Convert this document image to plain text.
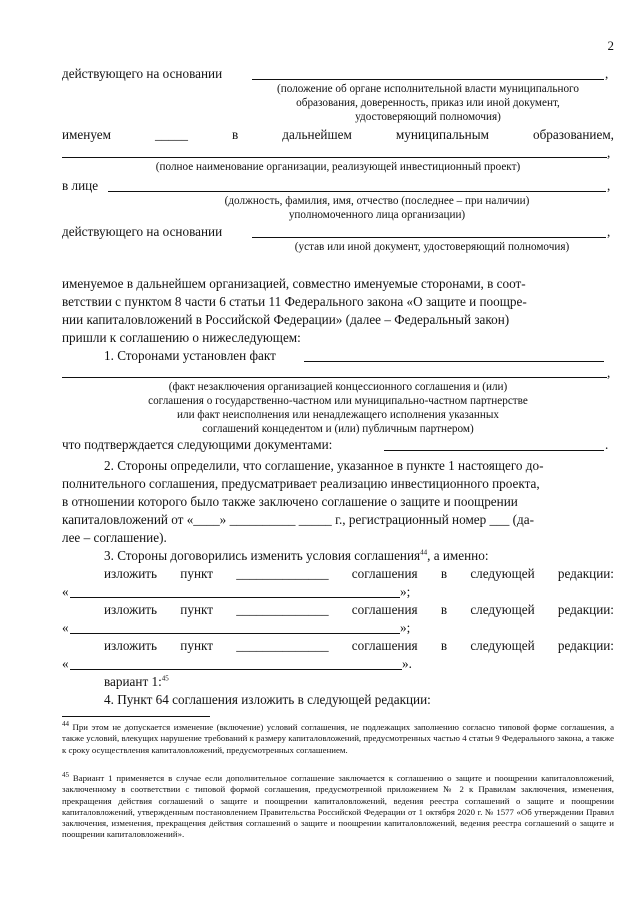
2
действующего на основании	,
(положение об органе исполнительной власти муниципального
образования, доверенность, приказ или иной документ,
удостоверяющий полномочия)
именуем	_____	в	дальнейшем	муниципальным	образованием,
,
(полное наименование организации, реализующей инвестиционный проект)
в лице	,
(должность, фамилия, имя, отчество (последнее – при наличии)
уполномоченного лица организации)
действующего на основании	,
(устав или иной документ, удостоверяющий полномочия)
именуемое в дальнейшем организацией, совместно именуемые сторонами, в соот-
ветствии с пунктом 8 части 6 статьи 11 Федерального закона «О защите и поощре-
нии капиталовложений в Российской Федерации» (далее – Федеральный закон)
пришли к соглашению о нижеследующем:
1. Сторонами установлен факт
,
(факт незаключения организацией концессионного соглашения и (или)
соглашения о государственно-частном или муниципально-частном партнерстве
или факт неисполнения или ненадлежащего исполнения указанных
соглашений концедентом и (или) публичным партнером)
что подтверждается следующими документами:	.
2. Стороны определили, что соглашение, указанное в пункте 1 настоящего до-
полнительного соглашения, предусматривает реализацию инвестиционного проекта,
в отношении которого было также заключено соглашение о защите и поощрении
капиталовложений от «____» __________ _____ г., регистрационный номер ___ (да-
лее – соглашение).
3. Стороны договорились изменить условия соглашения$^{44}$, а именно:
изложить пункт ______________ соглашения в следующей редакции:
«	»;
изложить пункт ______________ соглашения в следующей редакции:
«	»;
изложить пункт ______________ соглашения в следующей редакции:
«	».
вариант 1:$^{45}$
4. Пункт 64 соглашения изложить в следующей редакции:
$^{44}$ При этом не допускается изменение (включение) условий соглашения, не подлежащих заполнению согласно типовой форме соглашения, а также условий, влекущих нарушение требований к размеру капиталовложений, предусмотренных частью 4 статьи 9 Федерального закона, а также к сроку осуществления капиталовложений, предусмотренных соглашением.
$^{45}$ Вариант 1 применяется в случае если дополнительное соглашение заключается к соглашению о защите и поощрении капиталовложений, заключенному в соответствии с типовой формой соглашения, предусмотренной приложением № 2 к Правилам заключения, изменения, прекращения действия соглашений о защите и поощрении капиталовложений, ведения реестра соглашений о защите и поощрении капиталовложений, утвержденным постановлением Правительства Российской Федерации от 1 октября 2020 г. № 1577 «Об утверждении Правил заключения, изменения, прекращения действия соглашений о защите и поощрении капиталовложений, ведения реестра соглашений о защите и поощрении капиталовложений».
